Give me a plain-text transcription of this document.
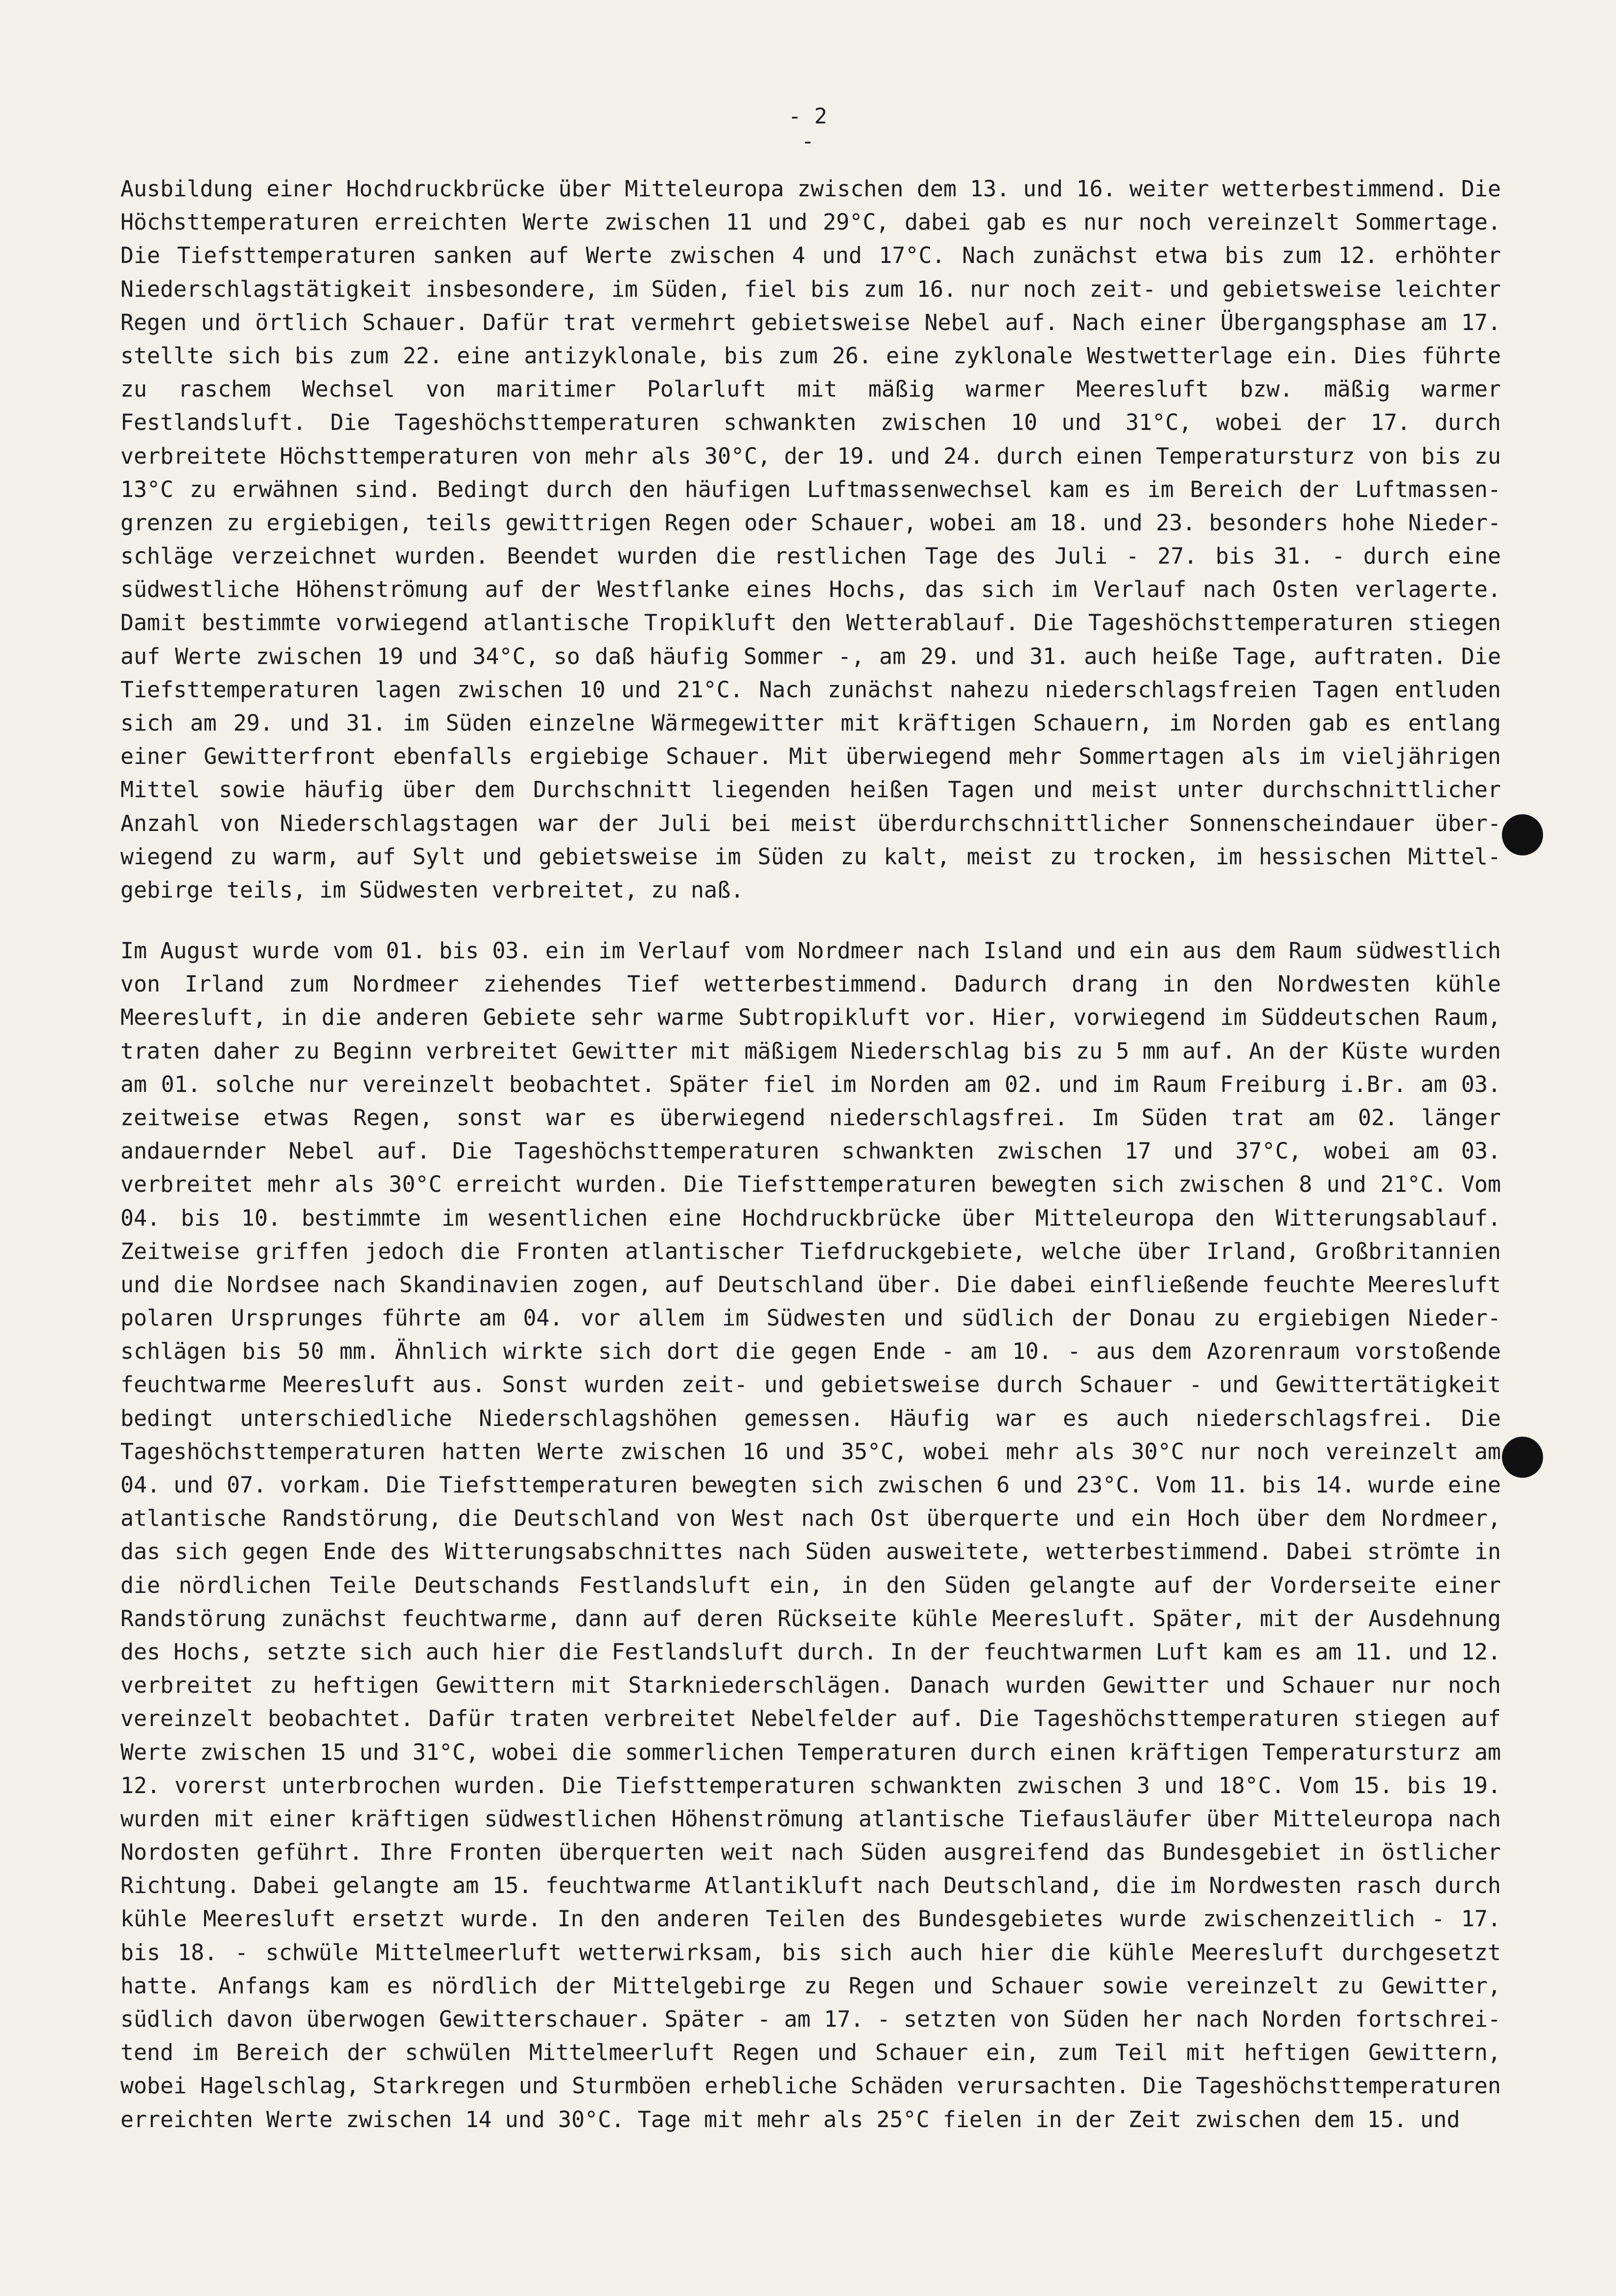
- 2 -
Ausbildung einer Hochdruckbrücke über Mitteleuropa zwischen dem 13. und 16. weiter wetterbestimmend. Die
Höchsttemperaturen erreichten Werte zwischen 11 und 29°C, dabei gab es nur noch vereinzelt Sommertage.
Die Tiefsttemperaturen sanken auf Werte zwischen 4 und 17°C. Nach zunächst etwa bis zum 12. erhöhter
Niederschlagstätigkeit insbesondere, im Süden, fiel bis zum 16. nur noch zeit- und gebietsweise leichter
Regen und örtlich Schauer. Dafür trat vermehrt gebietsweise Nebel auf. Nach einer Übergangsphase am 17.
stellte sich bis zum 22. eine antizyklonale, bis zum 26. eine zyklonale Westwetterlage ein. Dies führte
zu raschem Wechsel von maritimer Polarluft mit mäßig warmer Meeresluft bzw. mäßig warmer
Festlandsluft. Die Tageshöchsttemperaturen schwankten zwischen 10 und 31°C, wobei der 17. durch
verbreitete Höchsttemperaturen von mehr als 30°C, der 19. und 24. durch einen Temperatursturz von bis zu
13°C zu erwähnen sind. Bedingt durch den häufigen Luftmassenwechsel kam es im Bereich der Luftmassen-
grenzen zu ergiebigen, teils gewittrigen Regen oder Schauer, wobei am 18. und 23. besonders hohe Nieder-
schläge verzeichnet wurden. Beendet wurden die restlichen Tage des Juli - 27. bis 31. - durch eine
südwestliche Höhenströmung auf der Westflanke eines Hochs, das sich im Verlauf nach Osten verlagerte.
Damit bestimmte vorwiegend atlantische Tropikluft den Wetterablauf. Die Tageshöchsttemperaturen stiegen
auf Werte zwischen 19 und 34°C, so daß häufig Sommer -, am 29. und 31. auch heiße Tage, auftraten. Die
Tiefsttemperaturen lagen zwischen 10 und 21°C. Nach zunächst nahezu niederschlagsfreien Tagen entluden
sich am 29. und 31. im Süden einzelne Wärmegewitter mit kräftigen Schauern, im Norden gab es entlang
einer Gewitterfront ebenfalls ergiebige Schauer. Mit überwiegend mehr Sommertagen als im vieljährigen
Mittel sowie häufig über dem Durchschnitt liegenden heißen Tagen und meist unter durchschnittlicher
Anzahl von Niederschlagstagen war der Juli bei meist überdurchschnittlicher Sonnenscheindauer über-
wiegend zu warm, auf Sylt und gebietsweise im Süden zu kalt, meist zu trocken, im hessischen Mittel-
gebirge teils, im Südwesten verbreitet, zu naß.
Im August wurde vom 01. bis 03. ein im Verlauf vom Nordmeer nach Island und ein aus dem Raum südwestlich
von Irland zum Nordmeer ziehendes Tief wetterbestimmend. Dadurch drang in den Nordwesten kühle
Meeresluft, in die anderen Gebiete sehr warme Subtropikluft vor. Hier, vorwiegend im Süddeutschen Raum,
traten daher zu Beginn verbreitet Gewitter mit mäßigem Niederschlag bis zu 5 mm auf. An der Küste wurden
am 01. solche nur vereinzelt beobachtet. Später fiel im Norden am 02. und im Raum Freiburg i.Br. am 03.
zeitweise etwas Regen, sonst war es überwiegend niederschlagsfrei. Im Süden trat am 02. länger
andauernder Nebel auf. Die Tageshöchsttemperaturen schwankten zwischen 17 und 37°C, wobei am 03.
verbreitet mehr als 30°C erreicht wurden. Die Tiefsttemperaturen bewegten sich zwischen 8 und 21°C. Vom
04. bis 10. bestimmte im wesentlichen eine Hochdruckbrücke über Mitteleuropa den Witterungsablauf.
Zeitweise griffen jedoch die Fronten atlantischer Tiefdruckgebiete, welche über Irland, Großbritannien
und die Nordsee nach Skandinavien zogen, auf Deutschland über. Die dabei einfließende feuchte Meeresluft
polaren Ursprunges führte am 04. vor allem im Südwesten und südlich der Donau zu ergiebigen Nieder-
schlägen bis 50 mm. Ähnlich wirkte sich dort die gegen Ende - am 10. - aus dem Azorenraum vorstoßende
feuchtwarme Meeresluft aus. Sonst wurden zeit- und gebietsweise durch Schauer - und Gewittertätigkeit
bedingt unterschiedliche Niederschlagshöhen gemessen. Häufig war es auch niederschlagsfrei. Die
Tageshöchsttemperaturen hatten Werte zwischen 16 und 35°C, wobei mehr als 30°C nur noch vereinzelt am
04. und 07. vorkam. Die Tiefsttemperaturen bewegten sich zwischen 6 und 23°C. Vom 11. bis 14. wurde eine
atlantische Randstörung, die Deutschland von West nach Ost überquerte und ein Hoch über dem Nordmeer,
das sich gegen Ende des Witterungsabschnittes nach Süden ausweitete, wetterbestimmend. Dabei strömte in
die nördlichen Teile Deutschands Festlandsluft ein, in den Süden gelangte auf der Vorderseite einer
Randstörung zunächst feuchtwarme, dann auf deren Rückseite kühle Meeresluft. Später, mit der Ausdehnung
des Hochs, setzte sich auch hier die Festlandsluft durch. In der feuchtwarmen Luft kam es am 11. und 12.
verbreitet zu heftigen Gewittern mit Starkniederschlägen. Danach wurden Gewitter und Schauer nur noch
vereinzelt beobachtet. Dafür traten verbreitet Nebelfelder auf. Die Tageshöchsttemperaturen stiegen auf
Werte zwischen 15 und 31°C, wobei die sommerlichen Temperaturen durch einen kräftigen Temperatursturz am
12. vorerst unterbrochen wurden. Die Tiefsttemperaturen schwankten zwischen 3 und 18°C. Vom 15. bis 19.
wurden mit einer kräftigen südwestlichen Höhenströmung atlantische Tiefausläufer über Mitteleuropa nach
Nordosten geführt. Ihre Fronten überquerten weit nach Süden ausgreifend das Bundesgebiet in östlicher
Richtung. Dabei gelangte am 15. feuchtwarme Atlantikluft nach Deutschland, die im Nordwesten rasch durch
kühle Meeresluft ersetzt wurde. In den anderen Teilen des Bundesgebietes wurde zwischenzeitlich - 17.
bis 18. - schwüle Mittelmeerluft wetterwirksam, bis sich auch hier die kühle Meeresluft durchgesetzt
hatte. Anfangs kam es nördlich der Mittelgebirge zu Regen und Schauer sowie vereinzelt zu Gewitter,
südlich davon überwogen Gewitterschauer. Später - am 17. - setzten von Süden her nach Norden fortschrei-
tend im Bereich der schwülen Mittelmeerluft Regen und Schauer ein, zum Teil mit heftigen Gewittern,
wobei Hagelschlag, Starkregen und Sturmböen erhebliche Schäden verursachten. Die Tageshöchsttemperaturen
erreichten Werte zwischen 14 und 30°C. Tage mit mehr als 25°C fielen in der Zeit zwischen dem 15. und
